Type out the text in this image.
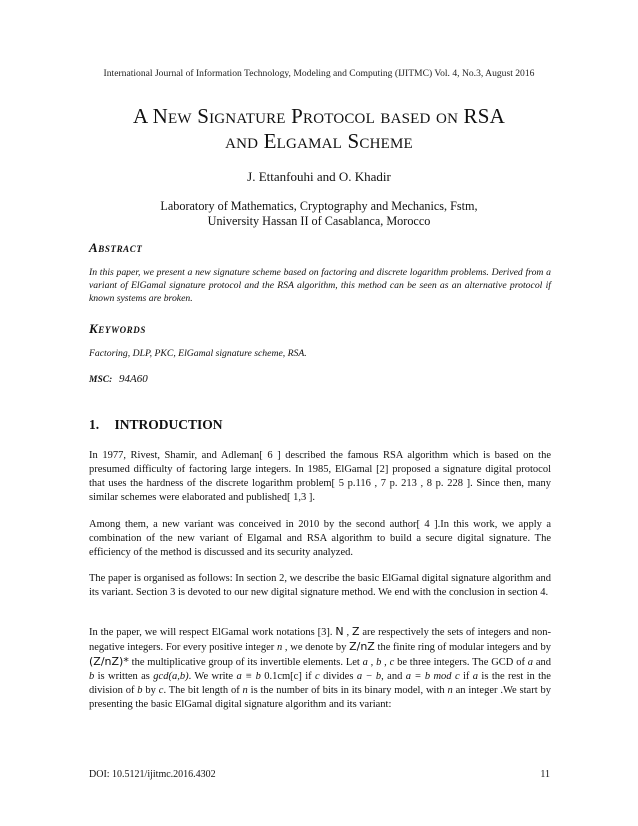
International Journal of Information Technology, Modeling and Computing (IJITMC) Vol. 4, No.3, August 2016
A New Signature Protocol based on RSA
and Elgamal Scheme
J. Ettanfouhi and O. Khadir
Laboratory of Mathematics, Cryptography and Mechanics, Fstm,
University Hassan II of Casablanca, Morocco
Abstract
In this paper, we present a new signature scheme based on factoring and discrete logarithm problems. Derived from a variant of ElGamal signature protocol and the RSA algorithm, this method can be seen as an alternative protocol if known systems are broken.
Keywords
Factoring, DLP, PKC, ElGamal signature scheme, RSA.
MSC: 94A60
1. INTRODUCTION
In 1977, Rivest, Shamir, and Adleman[ 6 ] described the famous RSA algorithm which is based on the presumed difficulty of factoring large integers. In 1985, ElGamal [2] proposed a signature digital protocol that uses the hardness of the discrete logarithm problem[ 5 p.116 , 7 p. 213 , 8 p. 228 ]. Since then, many similar schemes were elaborated and published[ 1,3 ].
Among them, a new variant was conceived in 2010 by the second author[ 4 ].In this work, we apply a combination of the new variant of Elgamal and RSA algorithm to build a secure digital signature. The efficiency of the method is discussed and its security analyzed.
The paper is organised as follows: In section 2, we describe the basic ElGamal digital signature algorithm and its variant. Section 3 is devoted to our new digital signature method. We end with the conclusion in section 4.
In the paper, we will respect ElGamal work notations [3]. N , Z are respectively the sets of integers and non-negative integers. For every positive integer n , we denote by Z/nZ the finite ring of modular integers and by (Z/nZ)* the multiplicative group of its invertible elements. Let a , b , c be three integers. The GCD of a and b is written as gcd(a,b). We write a ≡ b 0.1cm[c] if c divides a − b, and a = b mod c if a is the rest in the division of b by c. The bit length of n is the number of bits in its binary model, with n an integer .We start by presenting the basic ElGamal digital signature algorithm and its variant:
DOI: 10.5121/ijitmc.2016.4302	11
